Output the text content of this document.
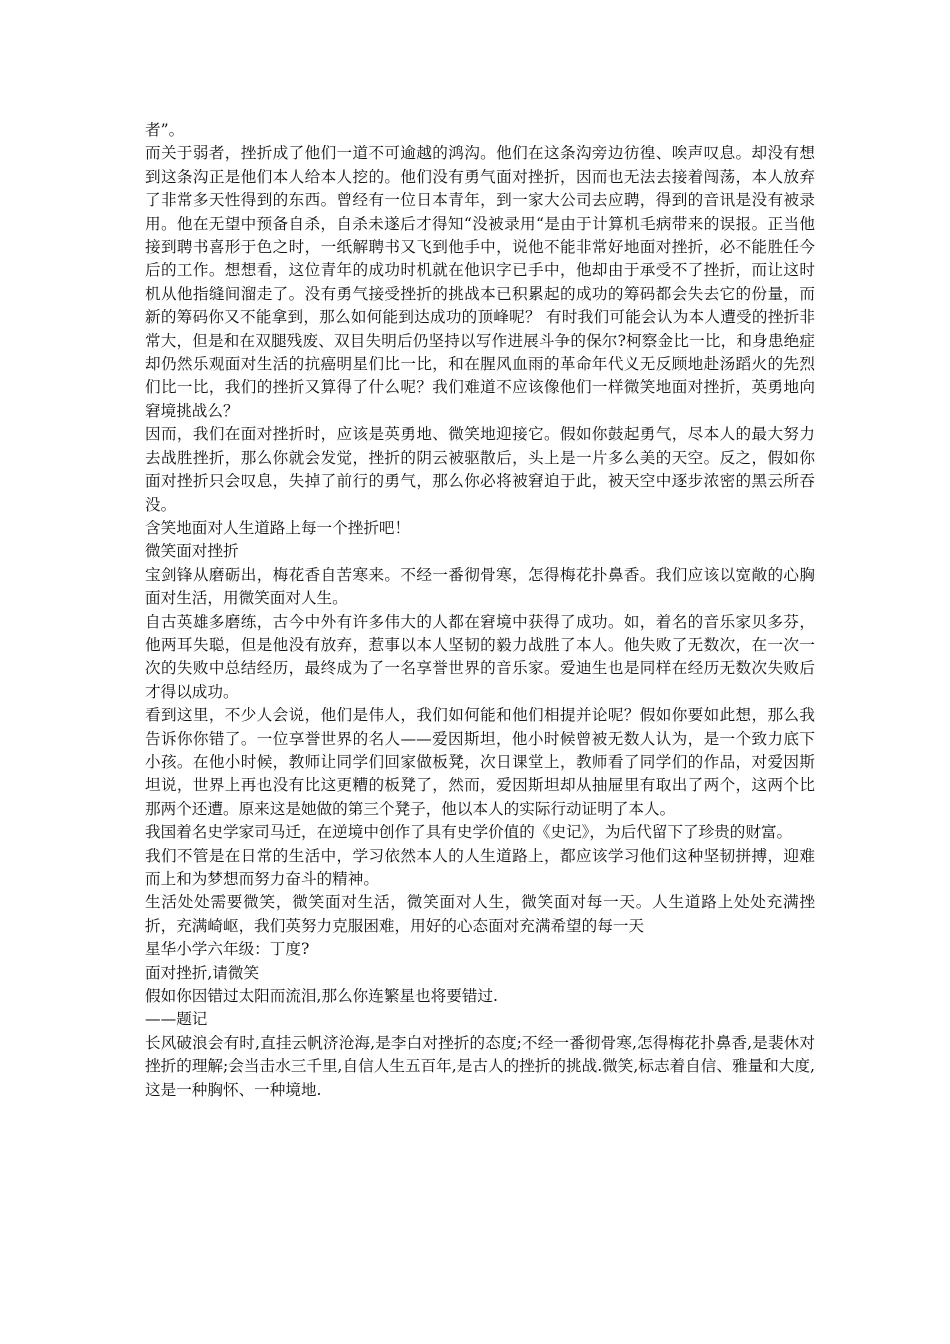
者”。

而关于弱者，挫折成了他们一道不可逾越的鸿沟。他们在这条沟旁边彷徨、唉声叹息。却没有想到这条沟正是他们本人给本人挖的。他们没有勇气面对挫折，因而也无法去接着闯荡，本人放弃了非常多天性得到的东西。曾经有一位日本青年，到一家大公司去应聘，得到的音讯是没有被录用。他在无望中预备自杀，自杀未遂后才得知“没被录用“是由于计算机毛病带来的误报。正当他接到聘书喜形于色之时，一纸解聘书又飞到他手中，说他不能非常好地面对挫折，必不能胜任今后的工作。想想看，这位青年的成功时机就在他识字已手中，他却由于承受不了挫折，而让这时机从他指缝间溜走了。没有勇气接受挫折的挑战本已积累起的成功的筹码都会失去它的份量，而新的筹码你又不能拿到，那么如何能到达成功的顶峰呢？ 有时我们可能会认为本人遭受的挫折非常大，但是和在双腿残废、双目失明后仍坚持以写作进展斗争的保尔?柯察金比一比，和身患绝症却仍然乐观面对生活的抗癌明星们比一比，和在腥风血雨的革命年代义无反顾地赴汤蹈火的先烈们比一比，我们的挫折又算得了什么呢？我们难道不应该像他们一样微笑地面对挫折，英勇地向窘境挑战么？

因而，我们在面对挫折时，应该是英勇地、微笑地迎接它。假如你鼓起勇气，尽本人的最大努力去战胜挫折，那么你就会发觉，挫折的阴云被驱散后，头上是一片多么美的天空。反之，假如你面对挫折只会叹息，失掉了前行的勇气，那么你必将被窘迫于此，被天空中逐步浓密的黑云所吞没。

含笑地面对人生道路上每一个挫折吧！

微笑面对挫折

宝剑锋从磨砺出，梅花香自苦寒来。不经一番彻骨寒，怎得梅花扑鼻香。我们应该以宽敞的心胸面对生活，用微笑面对人生。

自古英雄多磨练，古今中外有许多伟大的人都在窘境中获得了成功。如，着名的音乐家贝多芬，他两耳失聪，但是他没有放弃，惹事以本人坚韧的毅力战胜了本人。他失败了无数次，在一次一次的失败中总结经历，最终成为了一名享誉世界的音乐家。爱迪生也是同样在经历无数次失败后才得以成功。

看到这里，不少人会说，他们是伟人，我们如何能和他们相提并论呢？假如你要如此想，那么我告诉你你错了。一位享誉世界的名人——爱因斯坦，他小时候曾被无数人认为，是一个致力底下小孩。在他小时候，教师让同学们回家做板凳，次日课堂上，教师看了同学们的作品，对爱因斯坦说，世界上再也没有比这更糟的板凳了，然而，爱因斯坦却从抽屉里有取出了两个，这两个比那两个还遭。原来这是她做的第三个凳子，他以本人的实际行动证明了本人。

我国着名史学家司马迁，在逆境中创作了具有史学价值的《史记》，为后代留下了珍贵的财富。

我们不管是在日常的生活中，学习依然本人的人生道路上，都应该学习他们这种坚韧拼搏，迎难而上和为梦想而努力奋斗的精神。

生活处处需要微笑，微笑面对生活，微笑面对人生，微笑面对每一天。人生道路上处处充满挫折，充满崎岖，我们英努力克服困难，用好的心态面对充满希望的每一天

星华小学六年级：丁度?

面对挫折,请微笑

假如你因错过太阳而流泪,那么你连繁星也将要错过.

——题记

长风破浪会有时,直挂云帆济沧海,是李白对挫折的态度;不经一番彻骨寒,怎得梅花扑鼻香,是裴休对挫折的理解;会当击水三千里,自信人生五百年,是古人的挫折的挑战.微笑,标志着自信、雅量和大度,这是一种胸怀、一种境地.
